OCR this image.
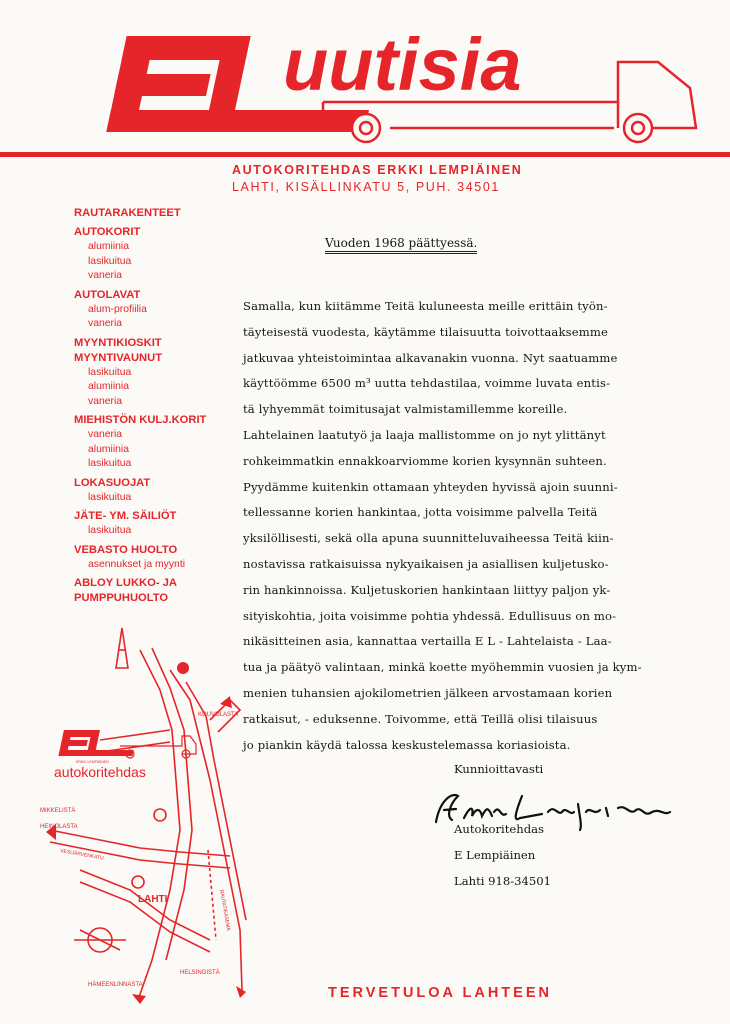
uutisia
AUTOKORITEHDAS ERKKI LEMPIÄINEN
LAHTI, KISÄLLINKATU 5, PUH. 34501
RAUTARAKENTEET
AUTOKORIT
alumiinia
lasikuitua
vaneria
AUTOLAVAT
alum-profiilia
vaneria
MYYNTIKIOSKIT
MYYNTIVAUNUT
lasikuitua
alumiinia
vaneria
MIEHISTÖN KULJ.KORIT
vaneria
alumiinia
lasikuitua
LOKASUOJAT
lasikuitua
JÄTE- YM. SÄILIÖT
lasikuitua
VEBASTO HUOLTO
asennukset ja myynti
ABLOY LUKKO- JA
PUMPPUHUOLTO
Vuoden 1968 päättyessä.
Samalla, kun kiitämme Teitä kuluneesta meille erittäin työn-
täyteisestä vuodesta, käytämme tilaisuutta toivottaaksemme
jatkuvaa yhteistoimintaa alkavanakin vuonna. Nyt saatuamme
käyttöömme 6500 m³ uutta tehdastilaa, voimme luvata entis-
tä lyhyemmät toimitusajat valmistamillemme koreille.
Lahtelainen laatutyö ja laaja mallistomme on jo nyt ylittänyt
rohkeimmatkin ennakkoarviomme korien kysynnän suhteen.
Pyydämme kuitenkin ottamaan yhteyden hyvissä ajoin suunni-
tellessanne korien hankintaa, jotta voisimme palvella Teitä
yksilöllisesti, sekä olla apuna suunnitteluvaiheessa Teitä kiin-
nostavissa ratkaisuissa nykyaikaisen ja asiallisen kuljetusko-
rin hankinnoissa. Kuljetuskorien hankintaan liittyy paljon yk-
sityiskohtia, joita voisimme pohtia yhdessä. Edullisuus on mo-
nikäsitteinen asia, kannattaa vertailla E L - Lahtelaista - Laa-
tua ja päätyö valintaan, minkä koette myöhemmin vuosien ja kym-
menien tuhansien ajokilometrien jälkeen arvostamaan korien
ratkaisut, - eduksenne. Toivomme, että Teillä olisi tilaisuus
jo piankin käydä talossa keskustelemassa koriasioista.
Kunnioittavasti
Autokoritehdas
E Lempiäinen
Lahti 918-34501
ERKKI LEMPIÄINEN
autokoritehdas
KOUVOLASTA
MIKKELISTÄ
HEINOLASTA
LAHTI
HELSINGISTÄ
HÄMEENLINNASTA
VESIJÄRVENKATU
RAUTATIEASEMA
TERVETULOA LAHTEEN
